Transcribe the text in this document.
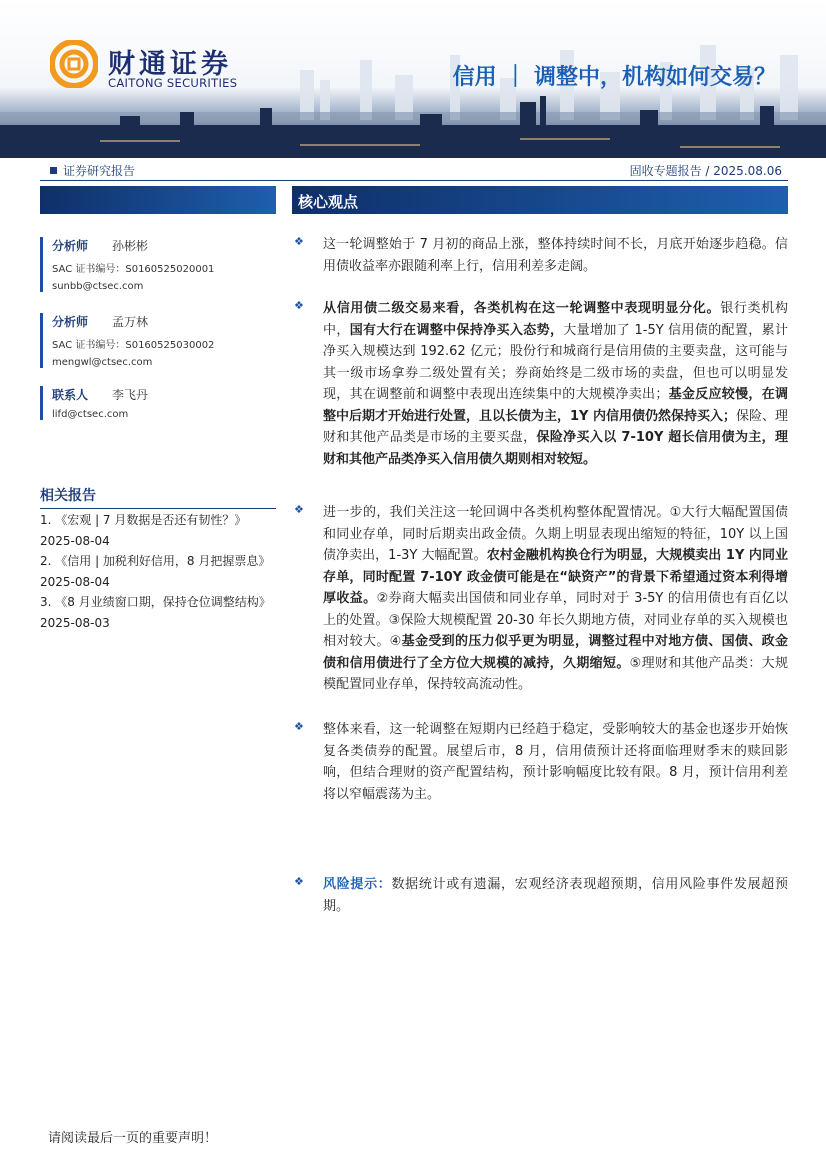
财通证券
CAITONG SECURITIES	信用 ｜ 调整中，机构如何交易？
证券研究报告	固收专题报告 / 2025.08.06
核心观点
分析师 孙彬彬
SAC 证书编号：S0160525020001
sunbb@ctsec.com
分析师 孟万林
SAC 证书编号：S0160525030002
mengwl@ctsec.com
联系人 李飞丹
lifd@ctsec.com
相关报告
1. 《宏观 | 7 月数据是否还有韧性？》
2025-08-04
2. 《信用 | 加税利好信用，8 月把握票息》
2025-08-04
3. 《8 月业绩窗口期，保持仓位调整结构》
2025-08-03
❖ 这一轮调整始于 7 月初的商品上涨，整体持续时间不长，月底开始逐步趋稳。信用债收益率亦跟随利率上行，信用利差多走阔。
❖ 从信用债二级交易来看，各类机构在这一轮调整中表现明显分化。银行类机构中，国有大行在调整中保持净买入态势，大量增加了 1-5Y 信用债的配置，累计净买入规模达到 192.62 亿元；股份行和城商行是信用债的主要卖盘，这可能与其一级市场拿券二级处置有关；券商始终是二级市场的卖盘，但也可以明显发现，其在调整前和调整中表现出连续集中的大规模净卖出；基金反应较慢，在调整中后期才开始进行处置，且以长债为主，1Y 内信用债仍然保持买入；保险、理财和其他产品类是市场的主要买盘，保险净买入以 7-10Y 超长信用债为主，理财和其他产品类净买入信用债久期则相对较短。
❖ 进一步的，我们关注这一轮回调中各类机构整体配置情况。①大行大幅配置国债和同业存单，同时后期卖出政金债。久期上明显表现出缩短的特征，10Y 以上国债净卖出，1-3Y 大幅配置。农村金融机构换仓行为明显，大规模卖出 1Y 内同业存单，同时配置 7-10Y 政金债可能是在“缺资产”的背景下希望通过资本利得增厚收益。②券商大幅卖出国债和同业存单，同时对于 3-5Y 的信用债也有百亿以上的处置。③保险大规模配置 20-30 年长久期地方债，对同业存单的买入规模也相对较大。④基金受到的压力似乎更为明显，调整过程中对地方债、国债、政金债和信用债进行了全方位大规模的减持，久期缩短。⑤理财和其他产品类：大规模配置同业存单，保持较高流动性。
❖ 整体来看，这一轮调整在短期内已经趋于稳定，受影响较大的基金也逐步开始恢复各类债券的配置。展望后市，8 月，信用债预计还将面临理财季末的赎回影响，但结合理财的资产配置结构，预计影响幅度比较有限。8 月，预计信用利差将以窄幅震荡为主。
❖ 风险提示：数据统计或有遗漏，宏观经济表现超预期，信用风险事件发展超预期。
请阅读最后一页的重要声明！
